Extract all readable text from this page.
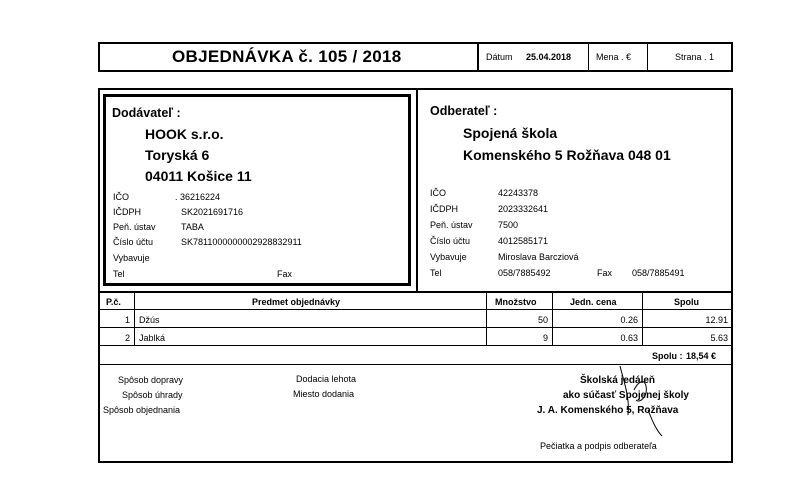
OBJEDNÁVKA č. 105 / 2018	Dátum 25.04.2018	Mena . €	Strana . 1
Dodávateľ :
HOOK s.r.o.
Toryská 6
04011 Košice 11
IČO	. 36216224
IČDPH	SK2021691716
Peň. ústav	TABA
Číslo účtu	SK7811000000002928832911
Vybavuje
Tel	Fax
Odberateľ :
Spojená škola
Komenského 5 Rožňava 048 01
IČO	42243378
IČDPH	2023332641
Peň. ústav	7500
Číslo účtu	4012585171
Vybavuje	Miroslava Barcziová
Tel	058/7885492	Fax 058/7885491
P.č.	Predmet objednávky	Množstvo	Jedn. cena	Spolu
1 Džús	50	0.26	12.91
2 Jablká	9	0.63	5.63
Spolu : 18,54 €
Spôsob dopravy
Spôsob úhrady
Spôsob objednania
Dodacia lehota
Miesto dodania
Školská jedáleň
ako súčasť Spojenej školy
J. A. Komenského 5, Rožňava
Pečiatka a podpis odberateľa
